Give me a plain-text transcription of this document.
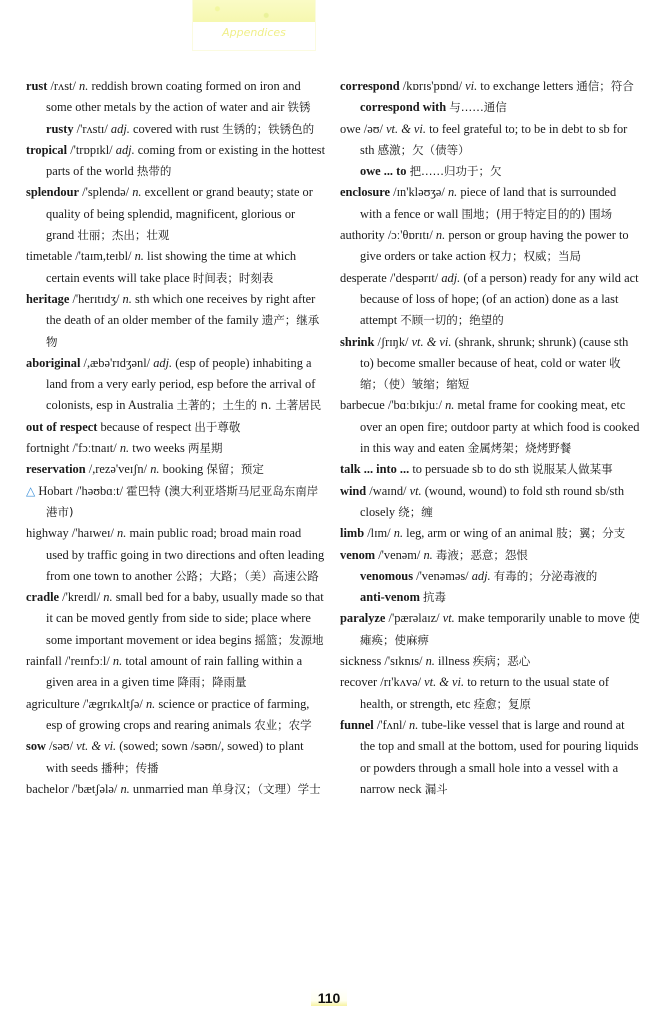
Appendices

rust /rʌst/ n. reddish brown coating formed on iron and some other metals by the action of water and air 铁锈

rusty /'rʌstɪ/ adj. covered with rust 生锈的；铁锈色的

tropical /'trɒpɪkl/ adj. coming from or existing in the hottest parts of the world 热带的

splendour /'splendə/ n. excellent or grand beauty; state or quality of being splendid, magnificent, glorious or grand 壮丽；杰出；壮观

timetable /'taɪm,teɪbl/ n. list showing the time at which certain events will take place 时间表；时刻表

heritage /'herɪtɪdʒ/ n. sth which one receives by right after the death of an older member of the family 遗产；继承物

aboriginal /,æbə'rɪdʒənl/ adj. (esp of people) inhabiting a land from a very early period, esp before the arrival of colonists, esp in Australia 土著的；土生的 n. 土著居民

out of respect because of respect 出于尊敬

fortnight /'fɔːtnaɪt/ n. two weeks 两星期

reservation /,rezə'veɪʃn/ n. booking 保留；预定

△ Hobart /'həʊbɑːt/ 霍巴特 (澳大利亚塔斯马尼亚岛东南岸港市)

highway /'haɪweɪ/ n. main public road; broad main road used by traffic going in two directions and often leading from one town to another 公路；大路；（美）高速公路

cradle /'kreɪdl/ n. small bed for a baby, usually made so that it can be moved gently from side to side; place where some important movement or idea begins 摇篮；发源地

rainfall /'reɪnfɔːl/ n. total amount of rain falling within a given area in a given time 降雨；降雨量

agriculture /'ægrɪkʌltʃə/ n. science or practice of farming, esp of growing crops and rearing animals 农业；农学

sow /səʊ/ vt. & vi. (sowed; sown /səʊn/, sowed) to plant with seeds 播种；传播

bachelor /'bætʃələ/ n. unmarried man 单身汉；（文理）学士

correspond /kɒrɪs'pɒnd/ vi. to exchange letters 通信；符合

correspond with 与……通信

owe /əʊ/ vt. & vi. to feel grateful to; to be in debt to sb for sth 感激；欠（债等）

owe ... to 把……归功于；欠

enclosure /ɪn'kləʊʒə/ n. piece of land that is surrounded with a fence or wall 围地；(用于特定目的的) 围场

authority /ɔː'θɒrɪtɪ/ n. person or group having the power to give orders or take action 权力；权威；当局

desperate /'despərɪt/ adj. (of a person) ready for any wild act because of loss of hope; (of an action) done as a last attempt 不顾一切的；绝望的

shrink /ʃrɪŋk/ vt. & vi. (shrank, shrunk; shrunk) (cause sth to) become smaller because of heat, cold or water 收缩；（使）皱缩；缩短

barbecue /'bɑːbɪkjuː/ n. metal frame for cooking meat, etc over an open fire; outdoor party at which food is cooked in this way and eaten 金属烤架；烧烤野餐

talk ... into ... to persuade sb to do sth 说服某人做某事

wind /waɪnd/ vt. (wound, wound) to fold sth round sb/sth closely 绕；缠

limb /lɪm/ n. leg, arm or wing of an animal 肢；翼；分支

venom /'venəm/ n. 毒液；恶意；怨恨

venomous /'venəməs/ adj. 有毒的；分泌毒液的

anti-venom 抗毒

paralyze /'pærəlaɪz/ vt. make temporarily unable to move 使瘫痪；使麻痹

sickness /'sɪknɪs/ n. illness 疾病；恶心

recover /rɪ'kʌvə/ vt. & vi. to return to the usual state of health, or strength, etc 痊愈；复原

funnel /'fʌnl/ n. tube-like vessel that is large and round at the top and small at the bottom, used for pouring liquids or powders through a small hole into a vessel with a narrow neck 漏斗

110
